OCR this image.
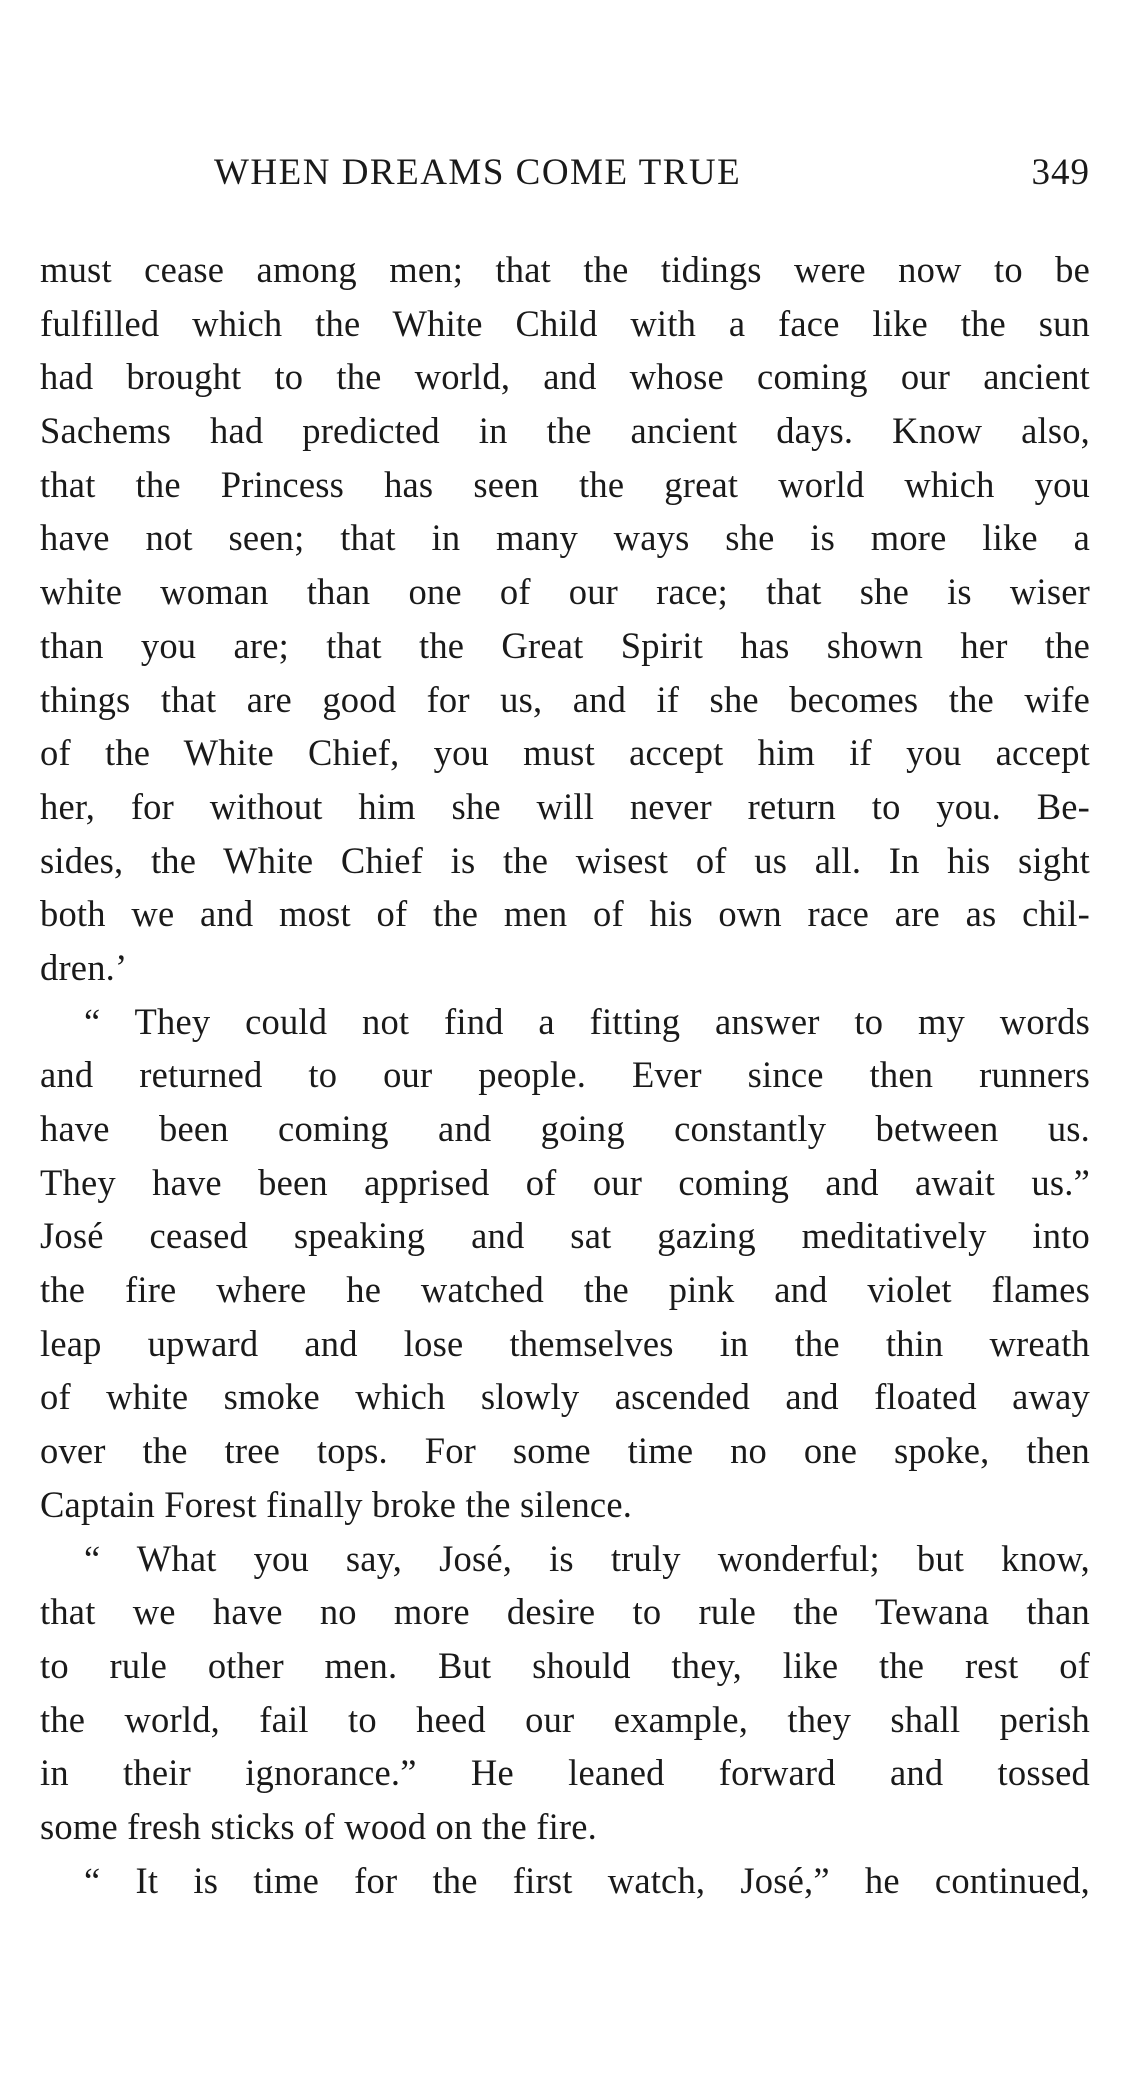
WHEN DREAMS COME TRUE	349
must cease among men; that the tidings were now to be
fulfilled which the White Child with a face like the sun
had brought to the world, and whose coming our ancient
Sachems had predicted in the ancient days. Know also,
that the Princess has seen the great world which you
have not seen; that in many ways she is more like a
white woman than one of our race; that she is wiser
than you are; that the Great Spirit has shown her the
things that are good for us, and if she becomes the wife
of the White Chief, you must accept him if you accept
her, for without him she will never return to you. Be-
sides, the White Chief is the wisest of us all. In his sight
both we and most of the men of his own race are as chil-
dren.’
“ They could not find a fitting answer to my words
and returned to our people. Ever since then runners
have been coming and going constantly between us.
They have been apprised of our coming and await us.”
José ceased speaking and sat gazing meditatively into
the fire where he watched the pink and violet flames
leap upward and lose themselves in the thin wreath
of white smoke which slowly ascended and floated away
over the tree tops. For some time no one spoke, then
Captain Forest finally broke the silence.
“ What you say, José, is truly wonderful; but know,
that we have no more desire to rule the Tewana than
to rule other men. But should they, like the rest of
the world, fail to heed our example, they shall perish
in their ignorance.” He leaned forward and tossed
some fresh sticks of wood on the fire.
“ It is time for the first watch, José,” he continued,
